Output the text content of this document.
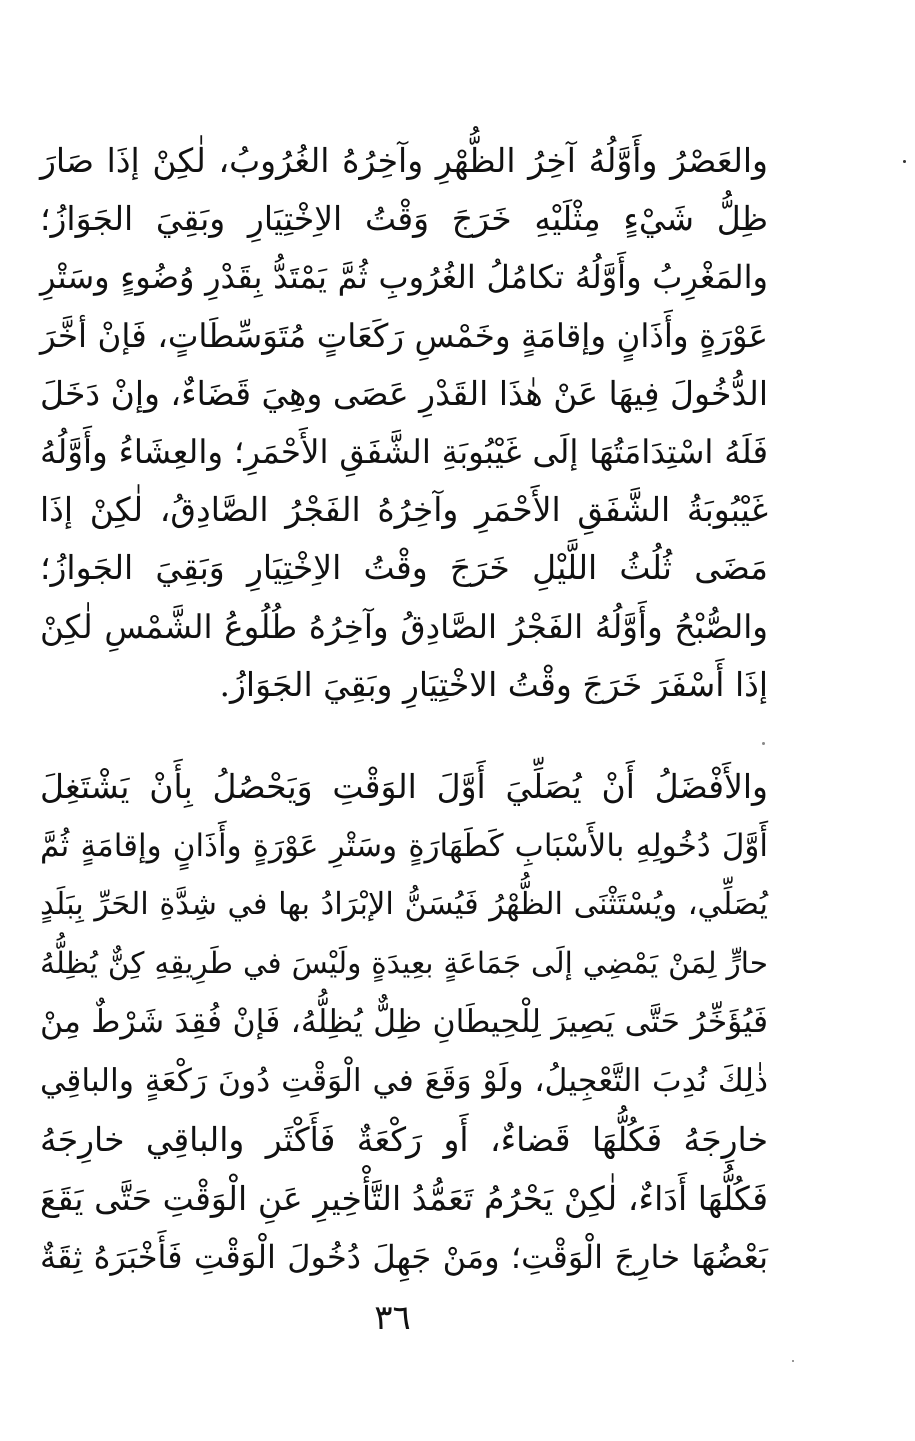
والعَصْرُ وأَوَّلُهُ آخِرُ الظُّهْرِ وآخِرُهُ الغُرُوبُ، لٰكِنْ إذَا صَارَ
ظِلُّ شَيْءٍ مِثْلَيْهِ خَرَجَ وَقْتُ الاِخْتِيَارِ وبَقِيَ الجَوَازُ؛
والمَغْرِبُ وأَوَّلُهُ تكامُلُ الغُرُوبِ ثُمَّ يَمْتَدُّ بِقَدْرِ وُضُوءٍ وسَتْرِ
عَوْرَةٍ وأَذَانٍ وإقامَةٍ وخَمْسِ رَكَعَاتٍ مُتَوَسِّطَاتٍ، فَإنْ أخَّرَ
الدُّخُولَ فِيهَا عَنْ هٰذَا القَدْرِ عَصَى وهِيَ قَضَاءٌ، وإنْ دَخَلَ
فَلَهُ اسْتِدَامَتُهَا إلَى غَيْبُوبَةِ الشَّفَقِ الأَحْمَرِ؛ والعِشَاءُ وأَوَّلُهُ
غَيْبُوبَةُ الشَّفَقِ الأَحْمَرِ وآخِرُهُ الفَجْرُ الصَّادِقُ، لٰكِنْ إذَا
مَضَى ثُلُثُ اللَّيْلِ خَرَجَ وقْتُ الاِخْتِيَارِ وَبَقِيَ الجَوازُ؛
والصُّبْحُ وأَوَّلُهُ الفَجْرُ الصَّادِقُ وآخِرُهُ طُلُوعُ الشَّمْسِ لٰكِنْ
إذَا أَسْفَرَ خَرَجَ وقْتُ الاخْتِيَارِ وبَقِيَ الجَوَازُ.
والأَفْضَلُ أَنْ يُصَلِّيَ أَوَّلَ الوَقْتِ وَيَحْصُلُ بِأَنْ يَشْتَغِلَ
أَوَّلَ دُخُولِهِ بالأَسْبَابِ كَطَهَارَةٍ وسَتْرِ عَوْرَةٍ وأَذَانٍ وإقامَةٍ ثُمَّ
يُصَلِّي، ويُسْتَثْنَى الظُّهْرُ فَيُسَنُّ الإبْرَادُ بها في شِدَّةِ الحَرِّ بِبَلَدٍ
حارٍّ لِمَنْ يَمْضِي إلَى جَمَاعَةٍ بعِيدَةٍ ولَيْسَ في طَرِيقِهِ كِنٌّ يُظِلُّهُ
فَيُؤَخِّرُ حَتَّى يَصِيرَ لِلْحِيطَانِ ظِلٌّ يُظِلُّهُ، فَإنْ فُقِدَ شَرْطٌ مِنْ
ذٰلِكَ نُدِبَ التَّعْجِيلُ، ولَوْ وَقَعَ في الْوَقْتِ دُونَ رَكْعَةٍ والباقِي
خارِجَهُ فَكُلُّهَا قَضاءٌ، أَو رَكْعَةٌ فَأَكْثَر والباقِي خارِجَهُ
فَكُلُّهَا أَدَاءٌ، لٰكِنْ يَحْرُمُ تَعَمُّدُ التَّأْخِيرِ عَنِ الْوَقْتِ حَتَّى يَقَعَ
بَعْضُهَا خارِجَ الْوَقْتِ؛ ومَنْ جَهِلَ دُخُولَ الْوَقْتِ فَأَخْبَرَهُ ثِقَةٌ
٣٦
